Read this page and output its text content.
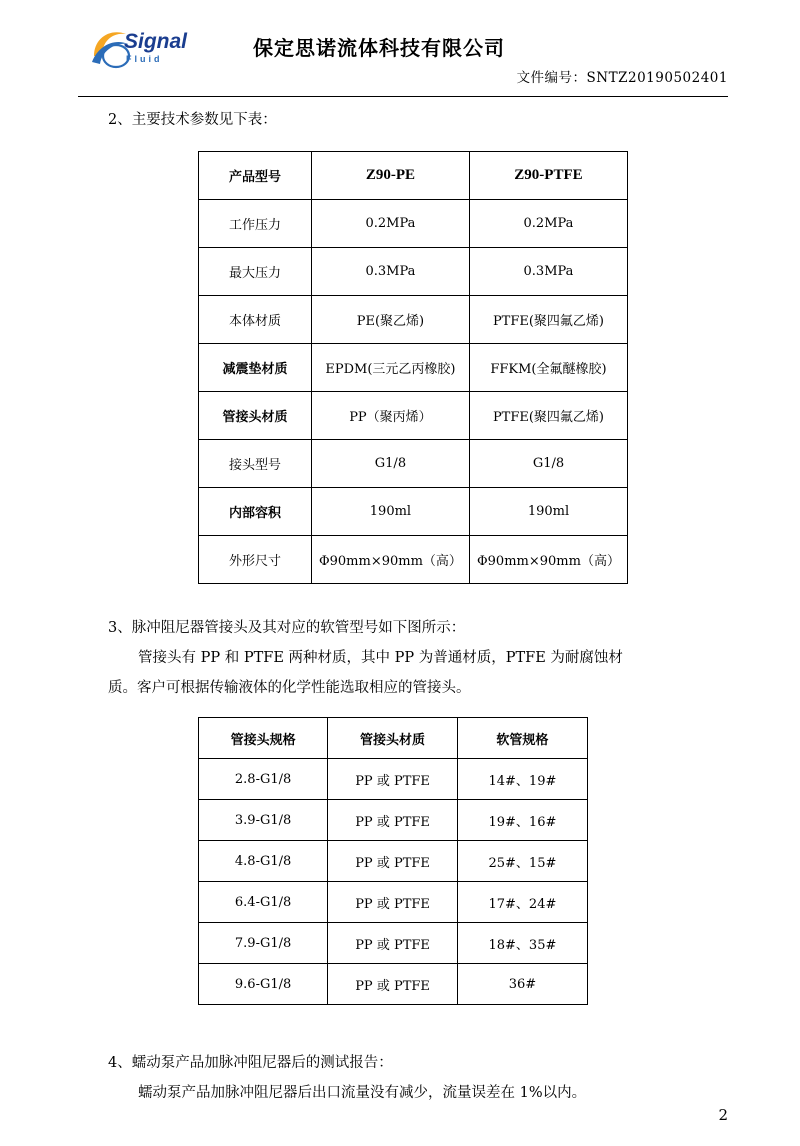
Signal
Fluid	保定思诺流体科技有限公司
文件编号：SNTZ20190502401

2、主要技术参数见下表：

产品型号	Z90-PE	Z90-PTFE
工作压力	0.2MPa	0.2MPa
最大压力	0.3MPa	0.3MPa
本体材质	PE(聚乙烯)	PTFE(聚四氟乙烯)
减震垫材质	EPDM(三元乙丙橡胶)	FFKM(全氟醚橡胶)
管接头材质	PP（聚丙烯）	PTFE(聚四氟乙烯)
接头型号	G1/8	G1/8
内部容积	190ml	190ml
外形尺寸	Φ90mm×90mm（高）	Φ90mm×90mm（高）

3、脉冲阻尼器管接头及其对应的软管型号如下图所示：

管接头有 PP 和 PTFE 两种材质，其中 PP 为普通材质，PTFE 为耐腐蚀材

质。客户可根据传输液体的化学性能选取相应的管接头。

管接头规格	管接头材质	软管规格
2.8-G1/8	PP 或 PTFE	14#、19#
3.9-G1/8	PP 或 PTFE	19#、16#
4.8-G1/8	PP 或 PTFE	25#、15#
6.4-G1/8	PP 或 PTFE	17#、24#
7.9-G1/8	PP 或 PTFE	18#、35#
9.6-G1/8	PP 或 PTFE	36#

4、蠕动泵产品加脉冲阻尼器后的测试报告：

蠕动泵产品加脉冲阻尼器后出口流量没有减少，流量误差在 1%以内。

2
